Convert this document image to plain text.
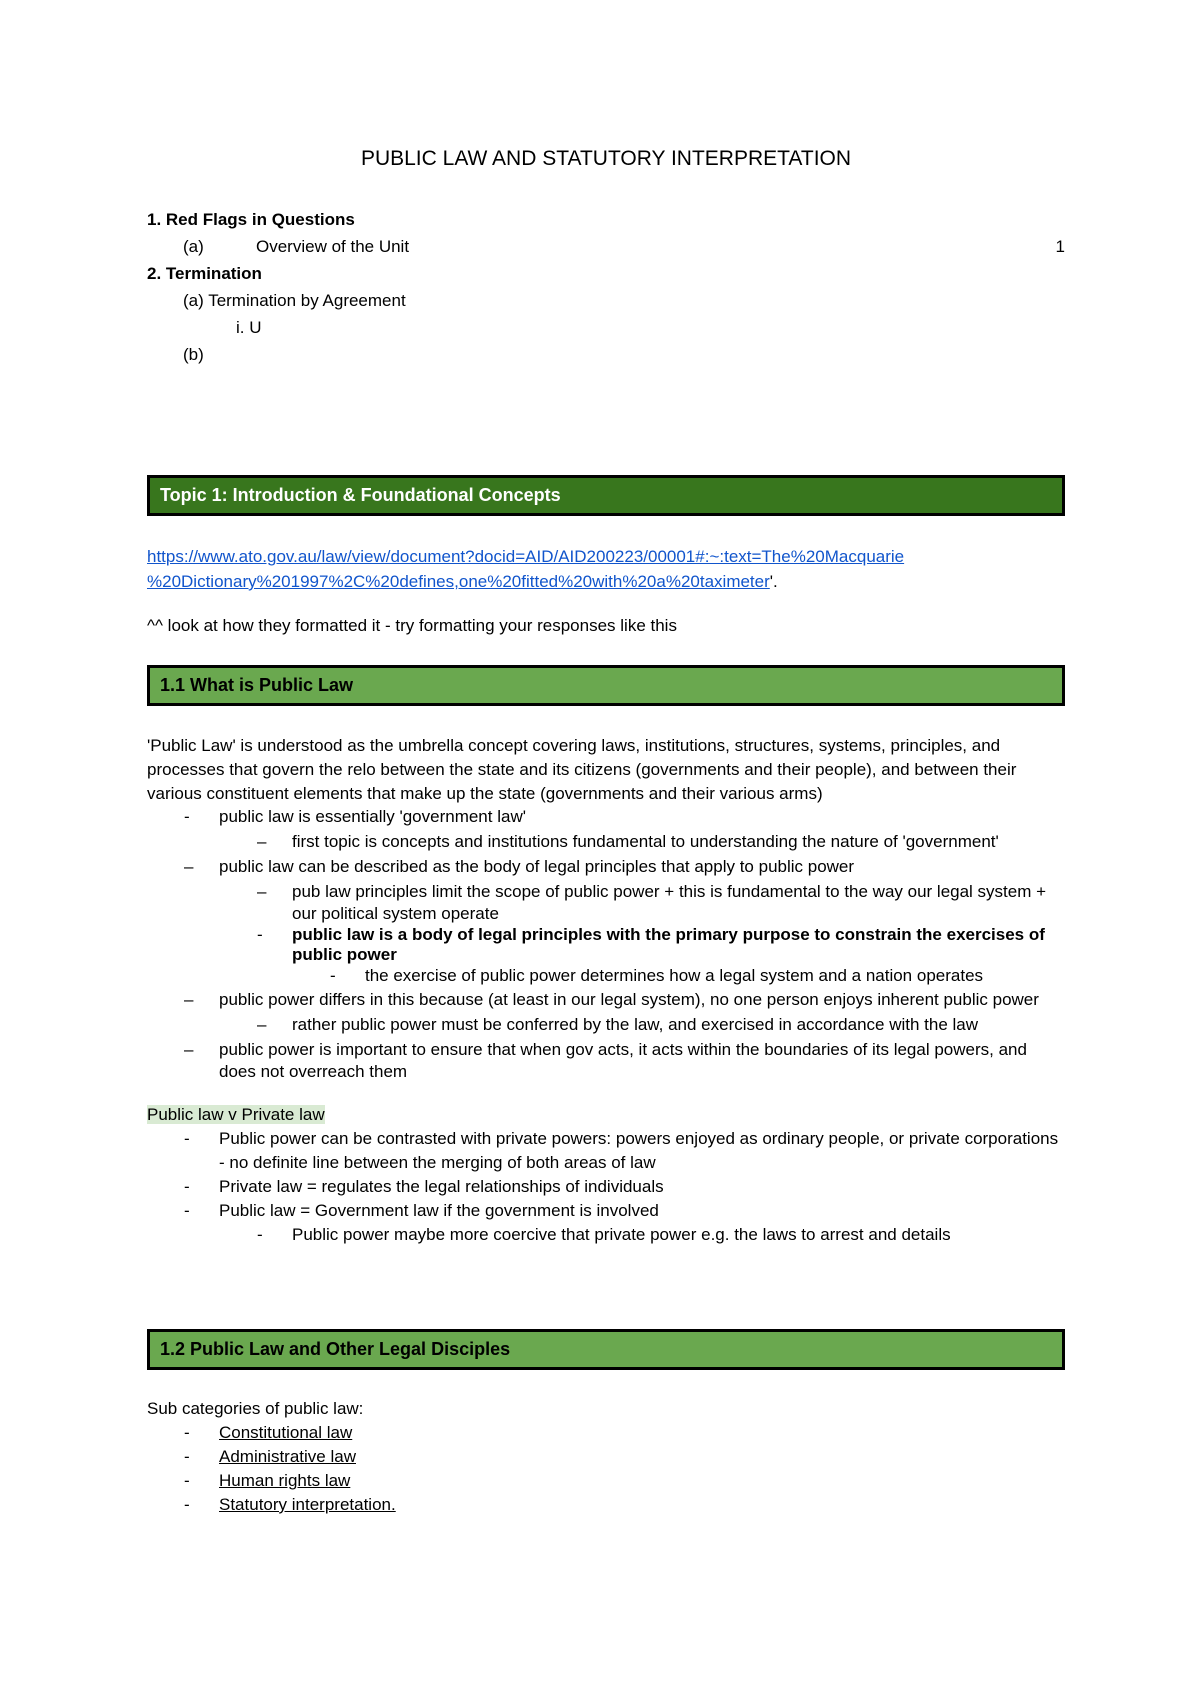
PUBLIC LAW AND STATUTORY INTERPRETATION
1. Red Flags in Questions
(a)	Overview of the Unit	1
2. Termination
(a) Termination by Agreement
i. U
(b)
Topic 1: Introduction & Foundational Concepts
https://www.ato.gov.au/law/view/document?docid=AID/AID200223/00001#:~:text=The%20Macquarie
%20Dictionary%201997%2C%20defines,one%20fitted%20with%20a%20taximeter'.
^^ look at how they formatted it - try formatting your responses like this
1.1 What is Public Law
'Public Law' is understood as the umbrella concept covering laws, institutions, structures, systems, principles, and processes that govern the relo between the state and its citizens (governments and their people), and between their various constituent elements that make up the state (governments and their various arms)
- public law is essentially 'government law'
– first topic is concepts and institutions fundamental to understanding the nature of 'government'
– public law can be described as the body of legal principles that apply to public power
– pub law principles limit the scope of public power + this is fundamental to the way our legal system + our political system operate
- public law is a body of legal principles with the primary purpose to constrain the exercises of public power
- the exercise of public power determines how a legal system and a nation operates
– public power differs in this because (at least in our legal system), no one person enjoys inherent public power
– rather public power must be conferred by the law, and exercised in accordance with the law
– public power is important to ensure that when gov acts, it acts within the boundaries of its legal powers, and does not overreach them
Public law v Private law
- Public power can be contrasted with private powers: powers enjoyed as ordinary people, or private corporations - no definite line between the merging of both areas of law
- Private law = regulates the legal relationships of individuals
- Public law = Government law if the government is involved
- Public power maybe more coercive that private power e.g. the laws to arrest and details
1.2 Public Law and Other Legal Disciples
Sub categories of public law:
- Constitutional law
- Administrative law
- Human rights law
- Statutory interpretation.
